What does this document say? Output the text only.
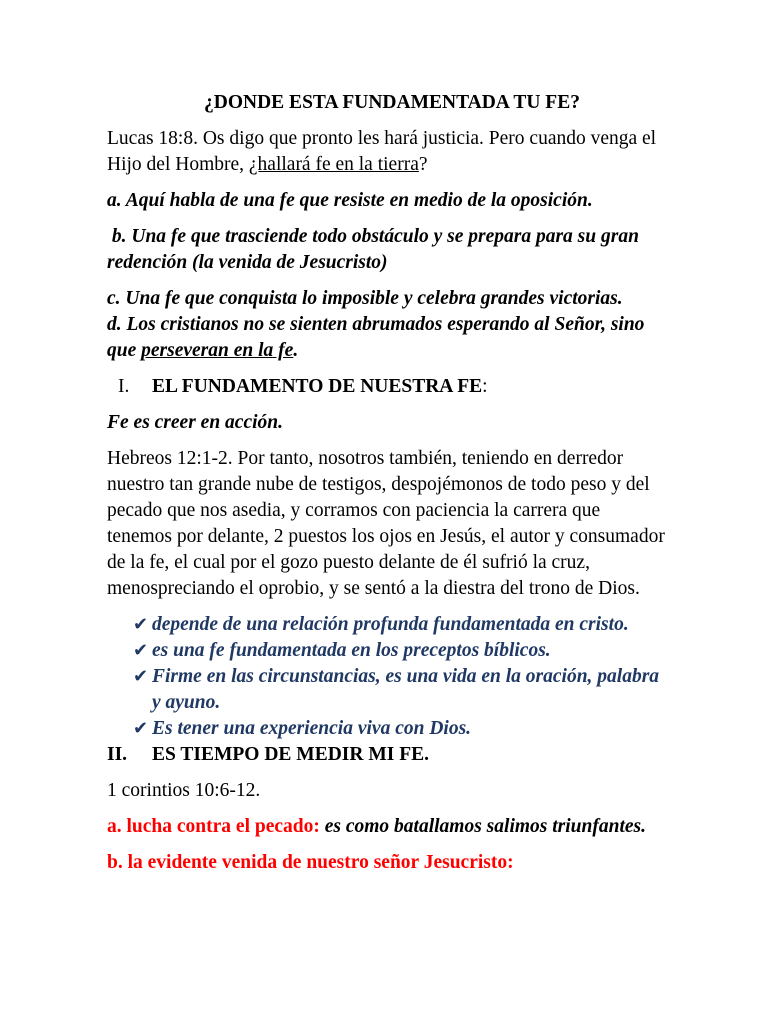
¿DONDE ESTA FUNDAMENTADA TU FE?

Lucas 18:8. Os digo que pronto les hará justicia. Pero cuando venga el Hijo del Hombre, ¿hallará fe en la tierra?

a. Aquí habla de una fe que resiste en medio de la oposición.

b. Una fe que trasciende todo obstáculo y se prepara para su gran redención (la venida de Jesucristo)

c. Una fe que conquista lo imposible y celebra grandes victorias.

d. Los cristianos no se sienten abrumados esperando al Señor, sino que perseveran en la fe.

I.	EL FUNDAMENTO DE NUESTRA FE:

Fe es creer en acción.

Hebreos 12:1-2. Por tanto, nosotros también, teniendo en derredor nuestro tan grande nube de testigos, despojémonos de todo peso y del pecado que nos asedia, y corramos con paciencia la carrera que tenemos por delante, 2 puestos los ojos en Jesús, el autor y consumador de la fe, el cual por el gozo puesto delante de él sufrió la cruz, menospreciando el oprobio, y se sentó a la diestra del trono de Dios.

✔ depende de una relación profunda fundamentada en cristo.
✔ es una fe fundamentada en los preceptos bíblicos.
✔ Firme en las circunstancias, es una vida en la oración, palabra y ayuno.
✔ Es tener una experiencia viva con Dios.
II.	ES TIEMPO DE MEDIR MI FE.

1 corintios 10:6-12.

a. lucha contra el pecado: es como batallamos salimos triunfantes.

b. la evidente venida de nuestro señor Jesucristo:
